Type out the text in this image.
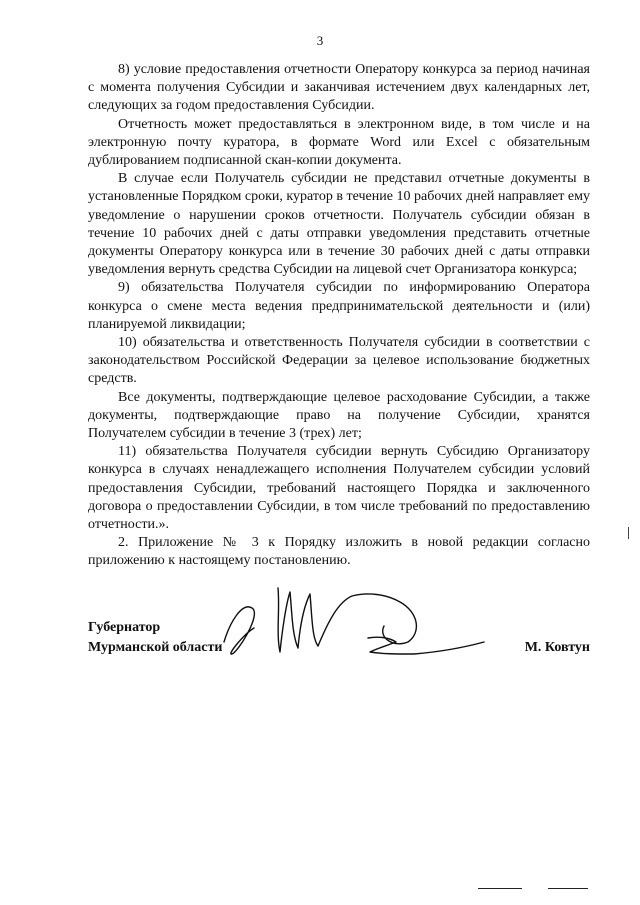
3

8) условие предоставления отчетности Оператору конкурса за период начиная с момента получения Субсидии и заканчивая истечением двух календарных лет, следующих за годом предоставления Субсидии.

Отчетность может предоставляться в электронном виде, в том числе и на электронную почту куратора, в формате Word или Excel с обязательным дублированием подписанной скан-копии документа.

В случае если Получатель субсидии не представил отчетные документы в установленные Порядком сроки, куратор в течение 10 рабочих дней направляет ему уведомление о нарушении сроков отчетности. Получатель субсидии обязан в течение 10 рабочих дней с даты отправки уведомления представить отчетные документы Оператору конкурса или в течение 30 рабочих дней с даты отправки уведомления вернуть средства Субсидии на лицевой счет Организатора конкурса;

9) обязательства Получателя субсидии по информированию Оператора конкурса о смене места ведения предпринимательской деятельности и (или) планируемой ликвидации;

10) обязательства и ответственность Получателя субсидии в соответствии с законодательством Российской Федерации за целевое использование бюджетных средств.

Все документы, подтверждающие целевое расходование Субсидии, а также документы, подтверждающие право на получение Субсидии, хранятся Получателем субсидии в течение 3 (трех) лет;

11) обязательства Получателя субсидии вернуть Субсидию Организатору конкурса в случаях ненадлежащего исполнения Получателем субсидии условий предоставления Субсидии, требований настоящего Порядка и заключенного договора о предоставлении Субсидии, в том числе требований по предоставлению отчетности.».

2. Приложение № 3 к Порядку изложить в новой редакции согласно приложению к настоящему постановлению.

Губернатор
Мурманской области	М. Ковтун
